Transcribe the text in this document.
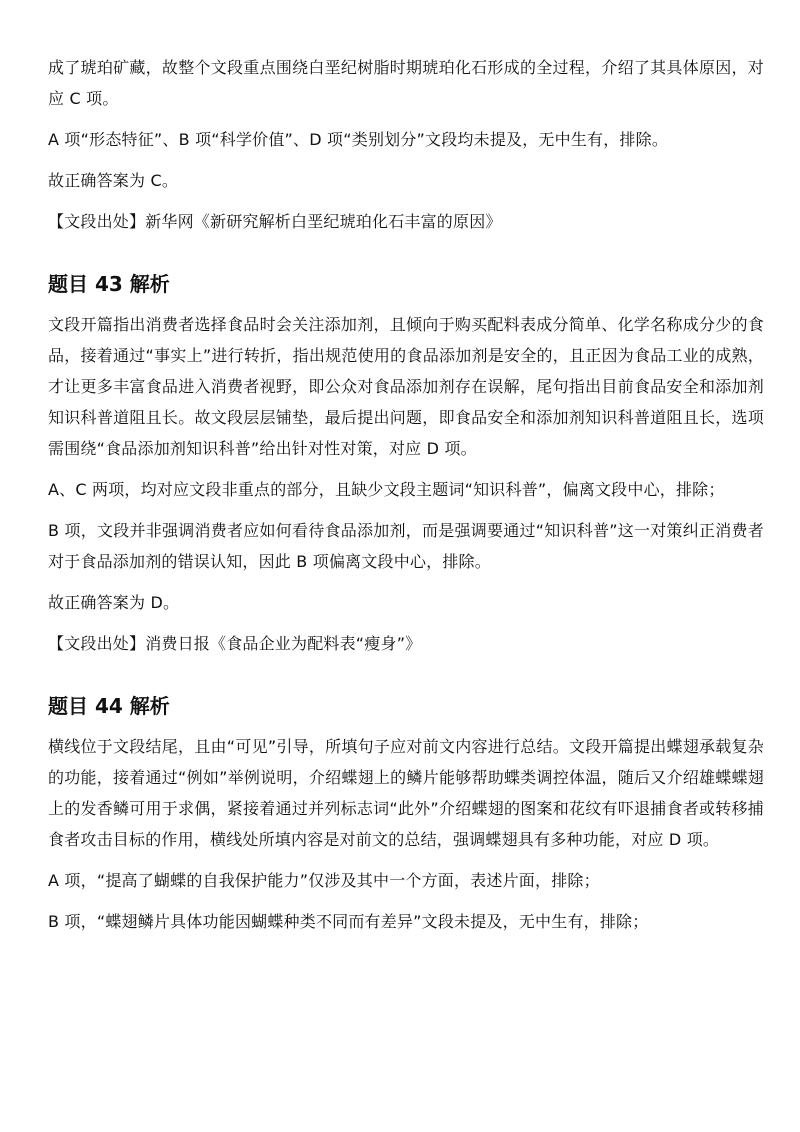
成了琥珀矿藏，故整个文段重点围绕白垩纪树脂时期琥珀化石形成的全过程，介绍了其具体原因，对应 C 项。

A 项“形态特征”、B 项“科学价值”、D 项“类别划分”文段均未提及，无中生有，排除。

故正确答案为 C。

【文段出处】新华网《新研究解析白垩纪琥珀化石丰富的原因》

题目 43 解析

文段开篇指出消费者选择食品时会关注添加剂，且倾向于购买配料表成分简单、化学名称成分少的食品，接着通过“事实上”进行转折，指出规范使用的食品添加剂是安全的，且正因为食品工业的成熟，才让更多丰富食品进入消费者视野，即公众对食品添加剂存在误解，尾句指出目前食品安全和添加剂知识科普道阻且长。故文段层层铺垫，最后提出问题，即食品安全和添加剂知识科普道阻且长，选项需围绕“食品添加剂知识科普”给出针对性对策，对应 D 项。

A、C 两项，均对应文段非重点的部分，且缺少文段主题词“知识科普”，偏离文段中心，排除；

B 项，文段并非强调消费者应如何看待食品添加剂，而是强调要通过“知识科普”这一对策纠正消费者对于食品添加剂的错误认知，因此 B 项偏离文段中心，排除。

故正确答案为 D。

【文段出处】消费日报《食品企业为配料表“瘦身”》

题目 44 解析

横线位于文段结尾，且由“可见”引导，所填句子应对前文内容进行总结。文段开篇提出蝶翅承载复杂的功能，接着通过“例如”举例说明，介绍蝶翅上的鳞片能够帮助蝶类调控体温，随后又介绍雄蝶蝶翅上的发香鳞可用于求偶，紧接着通过并列标志词“此外”介绍蝶翅的图案和花纹有吓退捕食者或转移捕食者攻击目标的作用，横线处所填内容是对前文的总结，强调蝶翅具有多种功能，对应 D 项。

A 项，“提高了蝴蝶的自我保护能力”仅涉及其中一个方面，表述片面，排除；

B 项，“蝶翅鳞片具体功能因蝴蝶种类不同而有差异”文段未提及，无中生有，排除；
